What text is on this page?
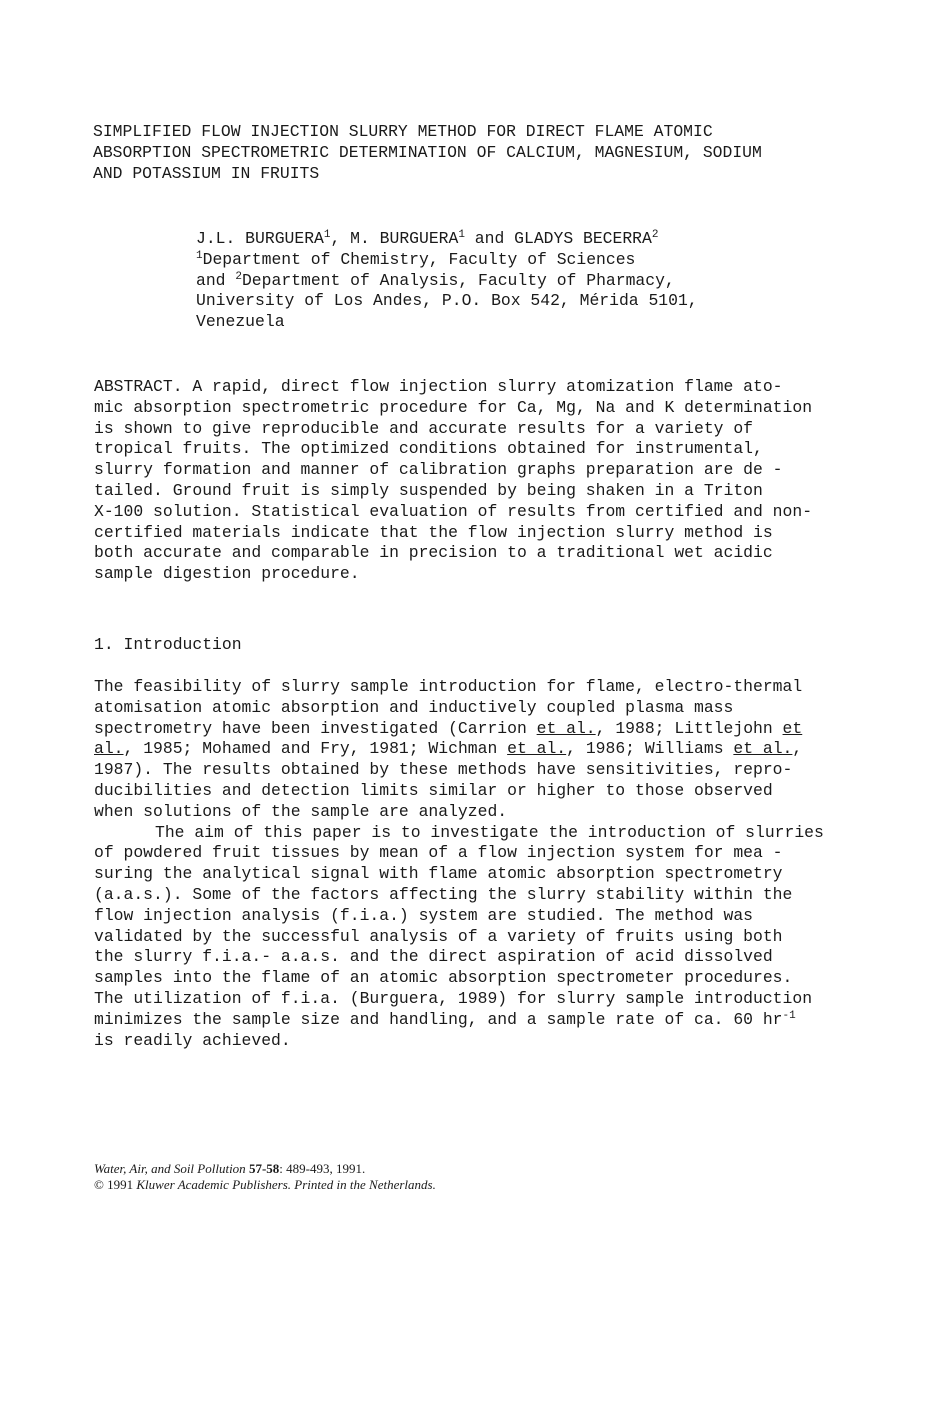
SIMPLIFIED FLOW INJECTION SLURRY METHOD FOR DIRECT FLAME ATOMIC
ABSORPTION SPECTROMETRIC DETERMINATION OF CALCIUM, MAGNESIUM, SODIUM
AND POTASSIUM IN FRUITS
J.L. BURGUERA$^1$, M. BURGUERA$^1$ and GLADYS BECERRA$^2$
$^1$Department of Chemistry, Faculty of Sciences
and $^2$Department of Analysis, Faculty of Pharmacy,
University of Los Andes, P.O. Box 542, Mérida 5101,
Venezuela
ABSTRACT. A rapid, direct flow injection slurry atomization flame ato-
mic absorption spectrometric procedure for Ca, Mg, Na and K determination
is shown to give reproducible and accurate results for a variety of
tropical fruits. The optimized conditions obtained for instrumental,
slurry formation and manner of calibration graphs preparation are de -
tailed. Ground fruit is simply suspended by being shaken in a Triton
X-100 solution. Statistical evaluation of results from certified and non-
certified materials indicate that the flow injection slurry method is
both accurate and comparable in precision to a traditional wet acidic
sample digestion procedure.
1. Introduction
The feasibility of slurry sample introduction for flame, electro-thermal
atomisation atomic absorption and inductively coupled plasma mass
spectrometry have been investigated (Carrion et al., 1988; Littlejohn et
al., 1985; Mohamed and Fry, 1981; Wichman et al., 1986; Williams et al.,
1987). The results obtained by these methods have sensitivities, repro-
ducibilities and detection limits similar or higher to those observed
when solutions of the sample are analyzed.
The aim of this paper is to investigate the introduction of slurries
of powdered fruit tissues by mean of a flow injection system for mea -
suring the analytical signal with flame atomic absorption spectrometry
(a.a.s.). Some of the factors affecting the slurry stability within the
flow injection analysis (f.i.a.) system are studied. The method was
validated by the successful analysis of a variety of fruits using both
the slurry f.i.a.- a.a.s. and the direct aspiration of acid dissolved
samples into the flame of an atomic absorption spectrometer procedures.
The utilization of f.i.a. (Burguera, 1989) for slurry sample introduction
minimizes the sample size and handling, and a sample rate of ca. 60 $hr^{-1}$
is readily achieved.
Water, Air, and Soil Pollution 57-58: 489-493, 1991.
© 1991 Kluwer Academic Publishers. Printed in the Netherlands.
